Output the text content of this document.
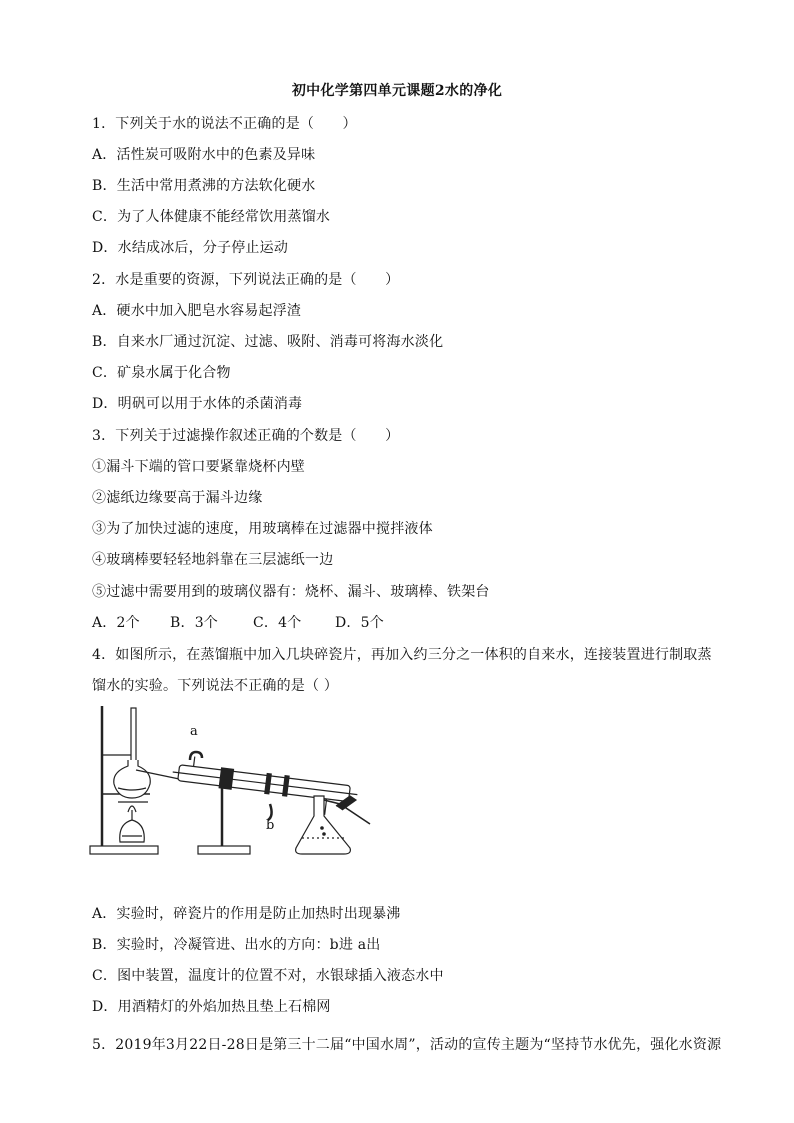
初中化学第四单元课题2水的净化
1．下列关于水的说法不正确的是（　　）
A．活性炭可吸附水中的色素及异味
B．生活中常用煮沸的方法软化硬水
C．为了人体健康不能经常饮用蒸馏水
D．水结成冰后，分子停止运动
2．水是重要的资源，下列说法正确的是（　　）
A．硬水中加入肥皂水容易起浮渣
B．自来水厂通过沉淀、过滤、吸附、消毒可将海水淡化
C．矿泉水属于化合物
D．明矾可以用于水体的杀菌消毒
3．下列关于过滤操作叙述正确的个数是（　　）
①漏斗下端的管口要紧靠烧杯内壁
②滤纸边缘要高于漏斗边缘
③为了加快过滤的速度，用玻璃棒在过滤器中搅拌液体
④玻璃棒要轻轻地斜靠在三层滤纸一边
⑤过滤中需要用到的玻璃仪器有：烧杯、漏斗、玻璃棒、铁架台
A．2个 B．3个	C．4个 D．5个
4．如图所示，在蒸馏瓶中加入几块碎瓷片，再加入约三分之一体积的自来水，连接装置进行制取蒸
馏水的实验。下列说法不正确的是（ ）
a
b
A．实验时，碎瓷片的作用是防止加热时出现暴沸
B．实验时，冷凝管进、出水的方向：b进 a出
C．图中装置，温度计的位置不对，水银球插入液态水中
D．用酒精灯的外焰加热且垫上石棉网
5．2019年3月22日-28日是第三十二届“中国水周”，活动的宣传主题为“坚持节水优先，强化水资源
